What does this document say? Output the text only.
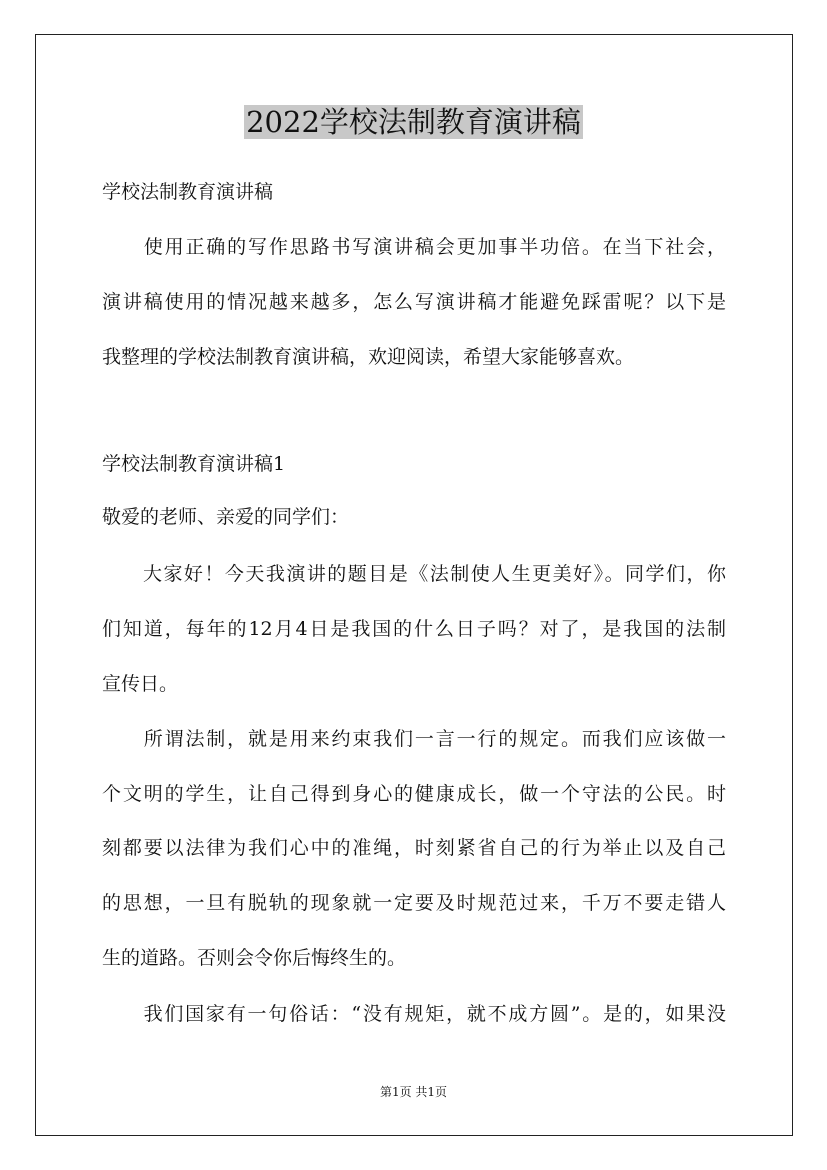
2022学校法制教育演讲稿
学校法制教育演讲稿
　　使用正确的写作思路书写演讲稿会更加事半功倍。在当下社会，
演讲稿使用的情况越来越多，怎么写演讲稿才能避免踩雷呢？以下是
我整理的学校法制教育演讲稿，欢迎阅读，希望大家能够喜欢。
学校法制教育演讲稿1
敬爱的老师、亲爱的同学们：
　　大家好！今天我演讲的题目是《法制使人生更美好》。同学们，你
们知道，每年的12月4日是我国的什么日子吗？对了，是我国的法制
宣传日。
　　所谓法制，就是用来约束我们一言一行的规定。而我们应该做一
个文明的学生，让自己得到身心的健康成长，做一个守法的公民。时
刻都要以法律为我们心中的准绳，时刻紧省自己的行为举止以及自己
的思想，一旦有脱轨的现象就一定要及时规范过来，千万不要走错人
生的道路。否则会令你后悔终生的。
　　我们国家有一句俗话：“没有规矩，就不成方圆”。是的，如果没
第1页 共1页
